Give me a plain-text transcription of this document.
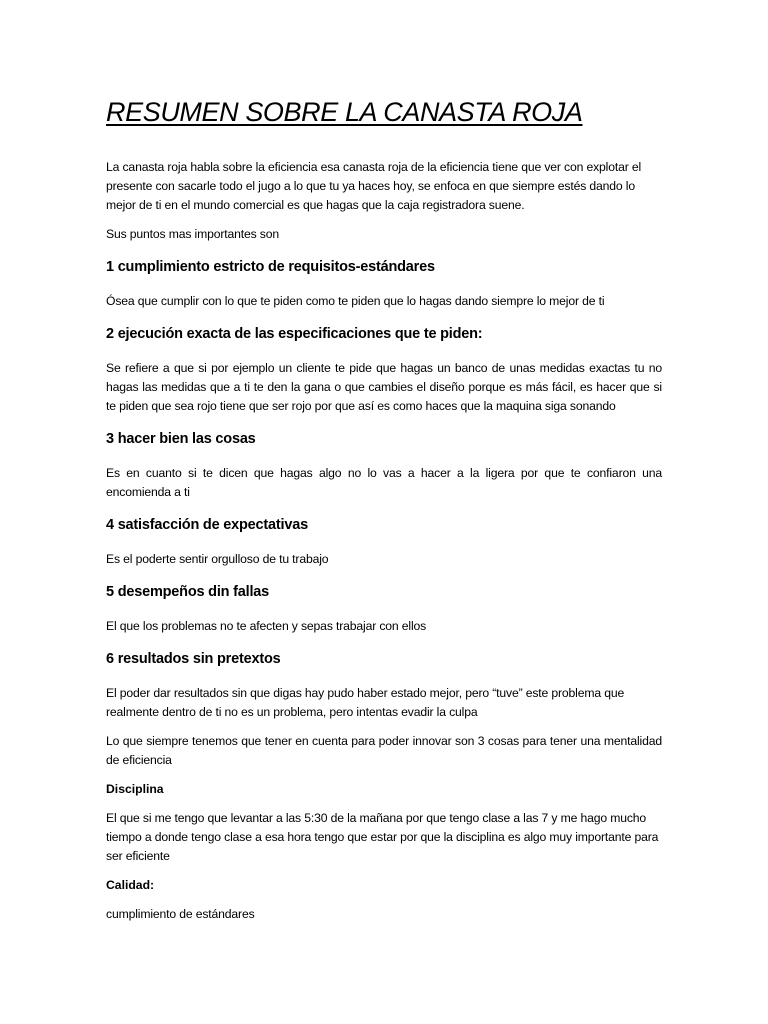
RESUMEN SOBRE LA CANASTA ROJA

La canasta roja habla sobre la eficiencia esa canasta roja de la eficiencia tiene que ver con explotar el presente con sacarle todo el jugo a lo que tu ya haces hoy, se enfoca en que siempre estés dando lo mejor de ti en el mundo comercial es que hagas que la caja registradora suene.

Sus puntos mas importantes son

1 cumplimiento estricto de requisitos-estándares

Ósea que cumplir con lo que te piden como te piden que lo hagas dando siempre lo mejor de ti

2 ejecución exacta de las especificaciones que te piden:

Se refiere a que si por ejemplo un cliente te pide que hagas un banco de unas medidas exactas tu no hagas las medidas que a ti te den la gana o que cambies el diseño porque es más fácil, es hacer que si te piden que sea rojo tiene que ser rojo por que así es como haces que la maquina siga sonando

3 hacer bien las cosas

Es en cuanto si te dicen que hagas algo no lo vas a hacer a la ligera por que te confiaron una encomienda a ti

4 satisfacción de expectativas

Es el poderte sentir orgulloso de tu trabajo

5 desempeños din fallas

El que los problemas no te afecten y sepas trabajar con ellos

6 resultados sin pretextos

El poder dar resultados sin que digas hay pudo haber estado mejor, pero “tuve” este problema que realmente dentro de ti no es un problema, pero intentas evadir la culpa

Lo que siempre tenemos que tener en cuenta para poder innovar son 3 cosas para tener una mentalidad de eficiencia

Disciplina

El que si me tengo que levantar a las 5:30 de la mañana por que tengo clase a las 7 y me hago mucho tiempo a donde tengo clase a esa hora tengo que estar por que la disciplina es algo muy importante para ser eficiente

Calidad:

cumplimiento de estándares
